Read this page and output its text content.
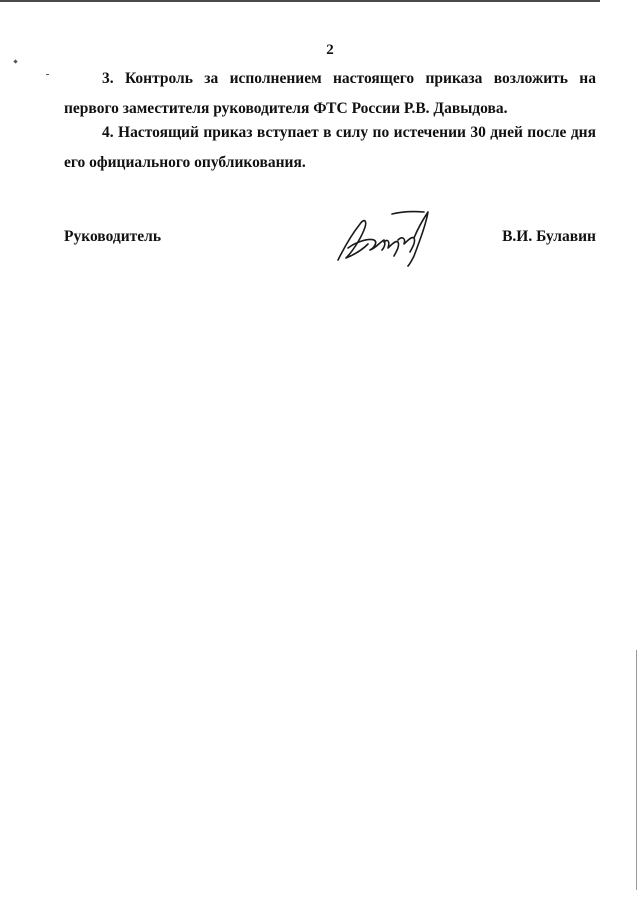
2

3. Контроль за исполнением настоящего приказа возложить на первого заместителя руководителя ФТС России Р.В. Давыдова.

4. Настоящий приказ вступает в силу по истечении 30 дней после дня его официального опубликования.

Руководитель	В.И. Булавин
